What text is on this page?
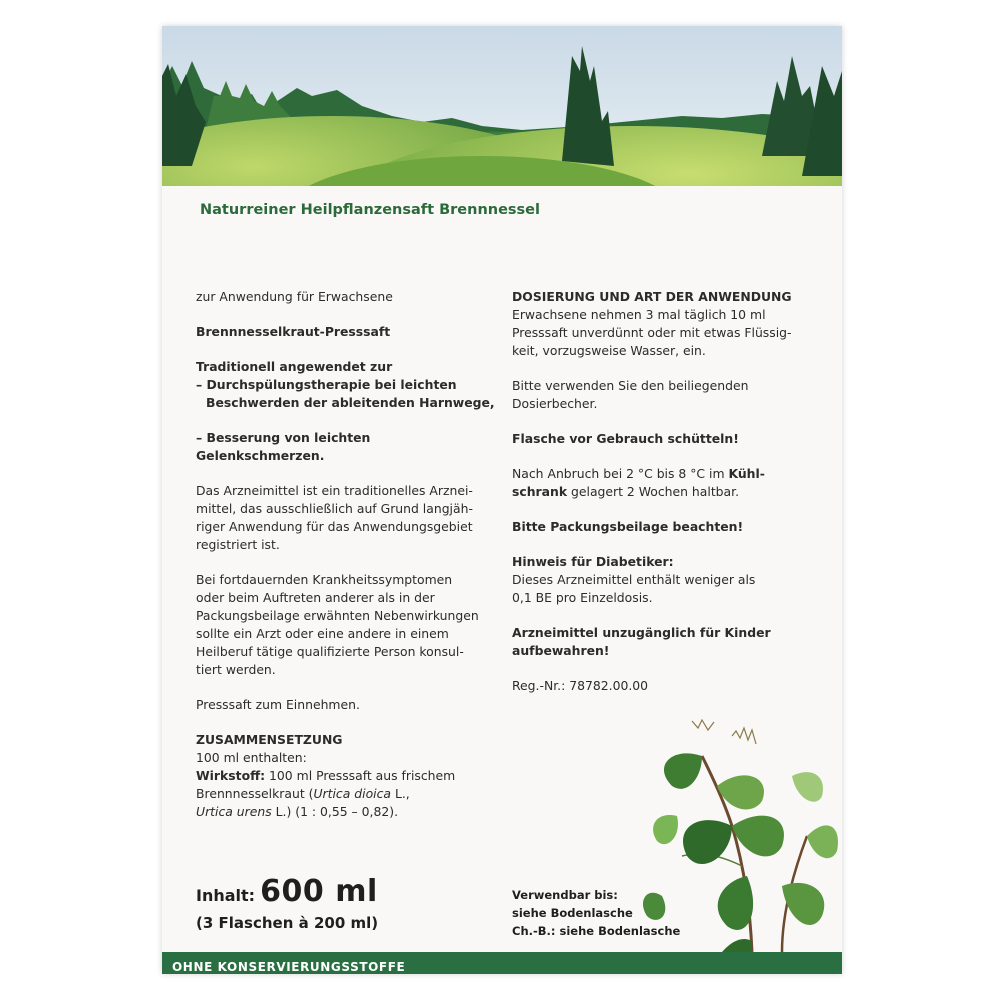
Naturreiner Heilpflanzensaft Brennnessel

zur Anwendung für Erwachsene

Brennnesselkraut-Presssaft

Traditionell angewendet zur
– Durchspülungstherapie bei leichten
Beschwerden der ableitenden Harnwege,

– Besserung von leichten Gelenkschmerzen.

Das Arzneimittel ist ein traditionelles Arznei-
mittel, das ausschließlich auf Grund langjäh-
riger Anwendung für das Anwendungsgebiet
registriert ist.
Bei fortdauernden Krankheitssymptomen
oder beim Auftreten anderer als in der
Packungsbeilage erwähnten Nebenwirkungen
sollte ein Arzt oder eine andere in einem
Heilberuf tätige qualifizierte Person konsul-
tiert werden.

Presssaft zum Einnehmen.

ZUSAMMENSETZUNG
100 ml enthalten:
Wirkstoff: 100 ml Presssaft aus frischem
Brennnesselkraut (Urtica dioica L.,
Urtica urens L.) (1 : 0,55 – 0,82).
DOSIERUNG UND ART DER ANWENDUNG
Erwachsene nehmen 3 mal täglich 10 ml
Presssaft unverdünnt oder mit etwas Flüssig-
keit, vorzugsweise Wasser, ein.
Bitte verwenden Sie den beiliegenden
Dosierbecher.

Flasche vor Gebrauch schütteln!

Nach Anbruch bei 2 °C bis 8 °C im Kühl-
schrank gelagert 2 Wochen haltbar.

Bitte Packungsbeilage beachten!

Hinweis für Diabetiker:
Dieses Arzneimittel enthält weniger als
0,1 BE pro Einzeldosis.
Arzneimittel unzugänglich für Kinder
aufbewahren!

Reg.-Nr.: 78782.00.00

Inhalt: 600 ml
(3 Flaschen à 200 ml)
Verwendbar bis:
siehe Bodenlasche
Ch.-B.: siehe Bodenlasche
OHNE KONSERVIERUNGSSTOFFE
